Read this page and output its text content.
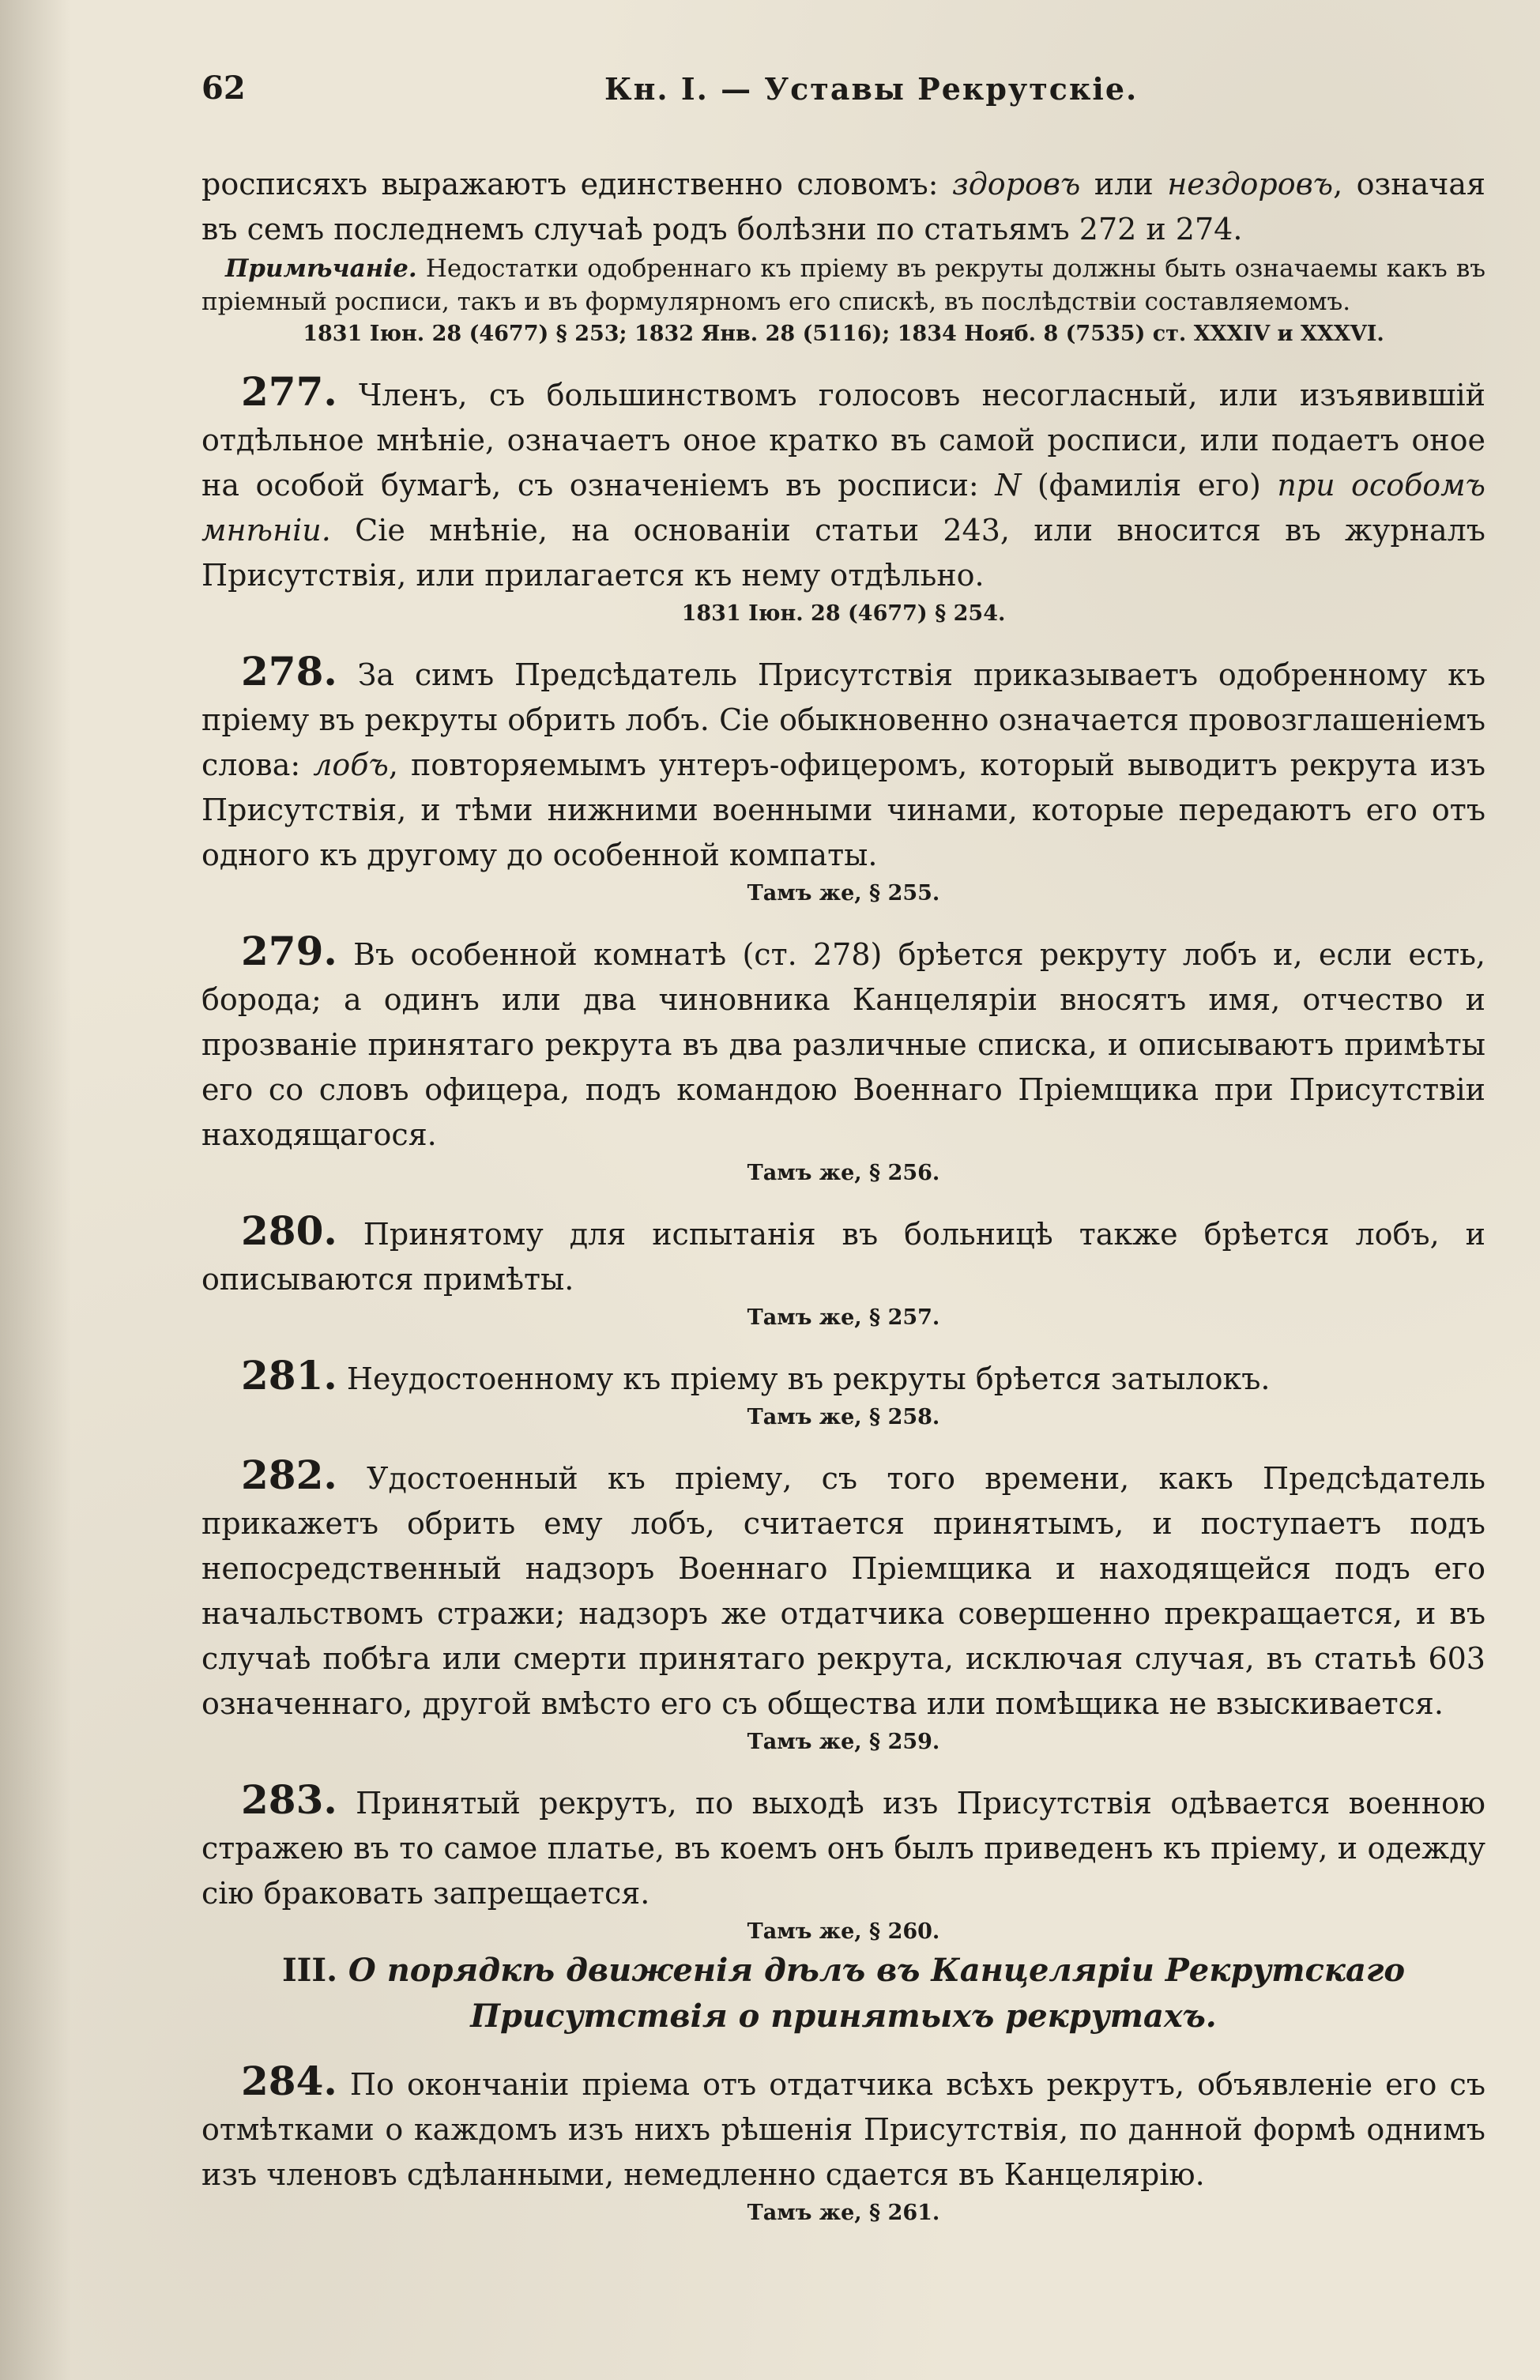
62	Кн. I. — Уставы Рекрутскіе.

росписяхъ выражаютъ единственно словомъ: здоровъ или нездоровъ, означая въ семъ последнемъ случаѣ родъ болѣзни по статьямъ 272 и 274.

Примѣчаніе. Недостатки одобреннаго къ пріему въ рекруты должны быть означаемы какъ въ пріемный росписи, такъ и въ формулярномъ его спискѣ, въ послѣдствіи составляемомъ.

1831 Іюн. 28 (4677) § 253; 1832 Янв. 28 (5116); 1834 Нояб. 8 (7535) ст. XXXIV и XXXVI.

277. Членъ, съ большинствомъ голосовъ несогласный, или изъявившій отдѣльное мнѣніе, означаетъ оное кратко въ самой росписи, или подаетъ оное на особой бумагѣ, съ означеніемъ въ росписи: N (фамилія его) при особомъ мнѣніи. Сіе мнѣніе, на основаніи статьи 243, или вносится въ журналъ Присутствія, или прилагается къ нему отдѣльно.

1831 Іюн. 28 (4677) § 254.

278. За симъ Предсѣдатель Присутствія приказываетъ одобренному къ пріему въ рекруты обрить лобъ. Сіе обыкновенно означается провозглашеніемъ слова: лобъ, повторяемымъ унтеръ-офицеромъ, который выводитъ рекрута изъ Присутствія, и тѣми нижними военными чинами, которые передаютъ его отъ одного къ другому до особенной компаты.

Тамъ же, § 255.

279. Въ особенной комнатѣ (ст. 278) брѣется рекруту лобъ и, если есть, борода; а одинъ или два чиновника Канцеляріи вносятъ имя, отчество и прозваніе принятаго рекрута въ два различные списка, и описываютъ примѣты его со словъ офицера, подъ командою Военнаго Пріемщика при Присутствіи находящагося.

Тамъ же, § 256.

280. Принятому для испытанія въ больницѣ также брѣется лобъ, и описываются примѣты.

Тамъ же, § 257.

281. Неудостоенному къ пріему въ рекруты брѣется затылокъ.

Тамъ же, § 258.

282. Удостоенный къ пріему, съ того времени, какъ Предсѣдатель прикажетъ обрить ему лобъ, считается принятымъ, и поступаетъ подъ непосредственный надзоръ Военнаго Пріемщика и находящейся подъ его начальствомъ стражи; надзоръ же отдатчика совершенно прекращается, и въ случаѣ побѣга или смерти принятаго рекрута, исключая случая, въ статьѣ 603 означеннаго, другой вмѣсто его съ общества или помѣщика не взыскивается.

Тамъ же, § 259.

283. Принятый рекрутъ, по выходѣ изъ Присутствія одѣвается военною стражею въ то самое платье, въ коемъ онъ былъ приведенъ къ пріему, и одежду сію браковать запрещается.

Тамъ же, § 260.

III. О порядкѣ движенія дѣлъ въ Канцеляріи Рекрутскаго Присутствія о принятыхъ рекрутахъ.

284. По окончаніи пріема отъ отдатчика всѣхъ рекрутъ, объявленіе его съ отмѣтками о каждомъ изъ нихъ рѣшенія Присутствія, по данной формѣ однимъ изъ членовъ сдѣланными, немедленно сдается въ Канцелярію.

Тамъ же, § 261.
